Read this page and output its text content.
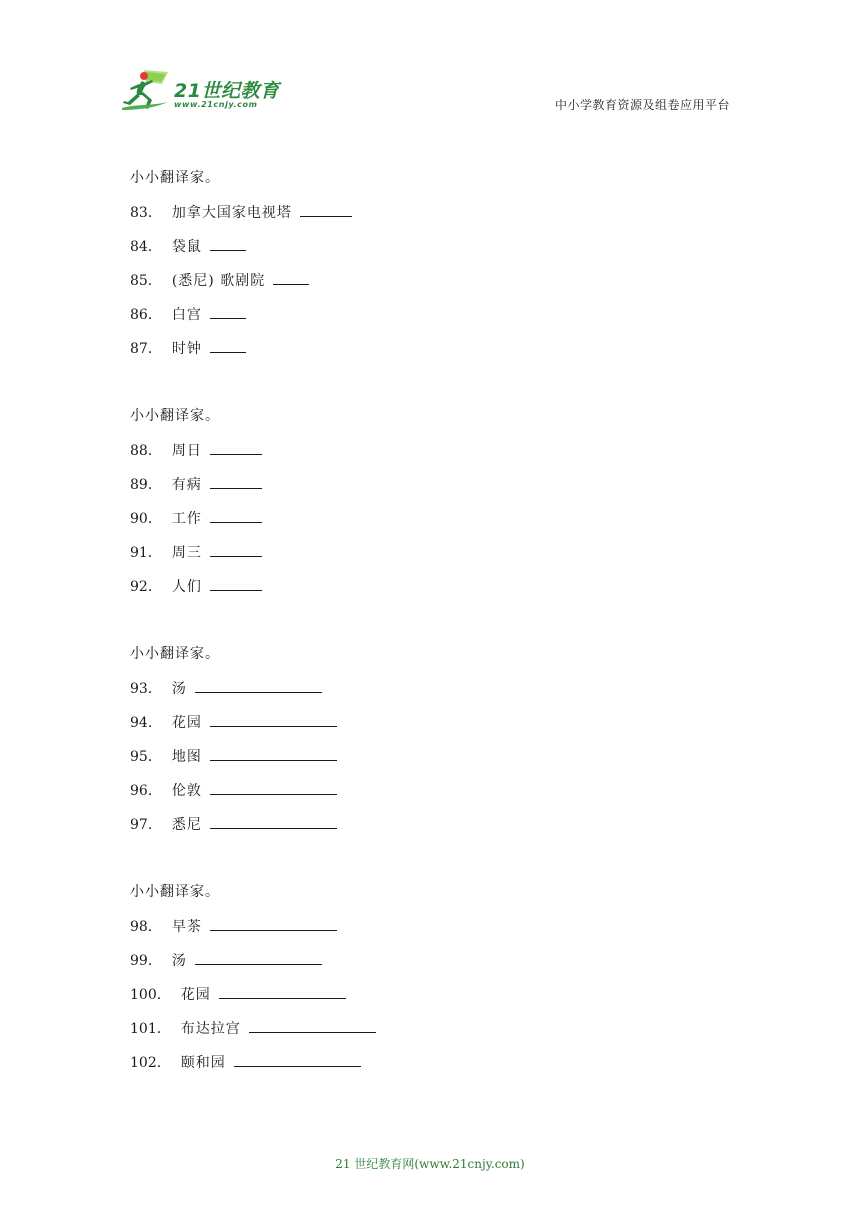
21世纪教育
www.21cnjy.com	中小学教育资源及组卷应用平台
小小翻译家。
83． 加拿大国家电视塔
84． 袋鼠
85． (悉尼) 歌剧院
86． 白宫
87． 时钟
小小翻译家。
88． 周日
89． 有病
90． 工作
91． 周三
92． 人们
小小翻译家。
93． 汤
94． 花园
95． 地图
96． 伦敦
97． 悉尼
小小翻译家。
98． 早茶
99． 汤
100． 花园
101． 布达拉宫
102． 颐和园
21 世纪教育网(www.21cnjy.com)
